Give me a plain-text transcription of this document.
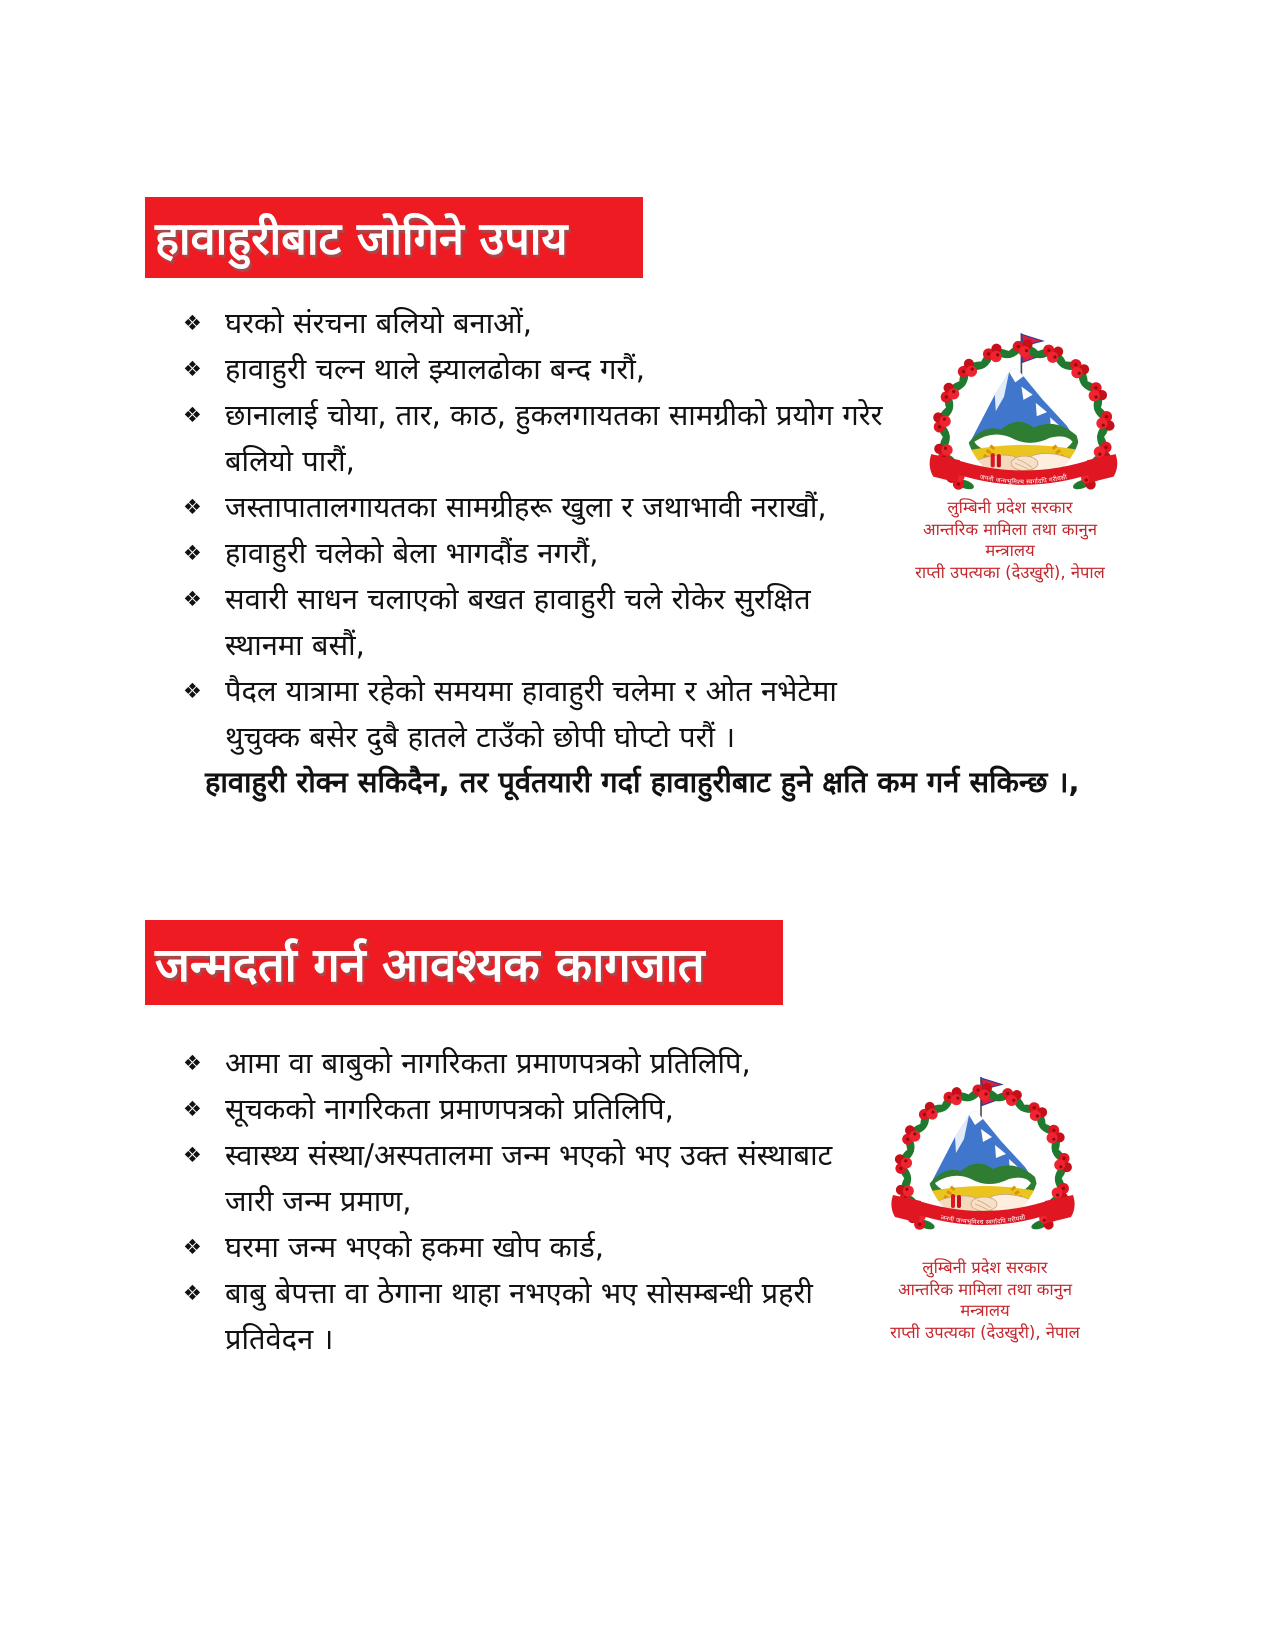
हावाहुरीबाट जोगिने उपाय
❖ घरको संरचना बलियो बनाओं,
❖ हावाहुरी चल्न थाले झ्यालढोका बन्द गरौं,
❖ छानालाई चोया, तार, काठ, हुकलगायतका सामग्रीको प्रयोग गरेर बलियो पारौं,
❖ जस्तापातालगायतका सामग्रीहरू खुला र जथाभावी नराखौं,
❖ हावाहुरी चलेको बेला भागदौंड नगरौं,
❖ सवारी साधन चलाएको बखत हावाहुरी चले रोकेर सुरक्षित स्थानमा बसौं,
❖ पैदल यात्रामा रहेको समयमा हावाहुरी चलेमा र ओत नभेटेमा थुचुक्क बसेर दुबै हातले टाउँको छोपी घोप्टो परौं ।
हावाहुरी रोक्न सकिदैन, तर पूर्वतयारी गर्दा हावाहुरीबाट हुने क्षति कम गर्न सकिन्छ ।,
लुम्बिनी प्रदेश सरकार
आन्तरिक मामिला तथा कानुन
मन्त्रालय
राप्ती उपत्यका (देउखुरी), नेपाल
जन्मदर्ता गर्न आवश्यक कागजात
❖ आमा वा बाबुको नागरिकता प्रमाणपत्रको प्रतिलिपि,
❖ सूचकको नागरिकता प्रमाणपत्रको प्रतिलिपि,
❖ स्वास्थ्य संस्था/अस्पतालमा जन्म भएको भए उक्त संस्थाबाट जारी जन्म प्रमाण,
❖ घरमा जन्म भएको हकमा खोप कार्ड,
❖ बाबु बेपत्ता वा ठेगाना थाहा नभएको भए सोसम्बन्धी प्रहरी प्रतिवेदन ।
लुम्बिनी प्रदेश सरकार
आन्तरिक मामिला तथा कानुन
मन्त्रालय
राप्ती उपत्यका (देउखुरी), नेपाल
